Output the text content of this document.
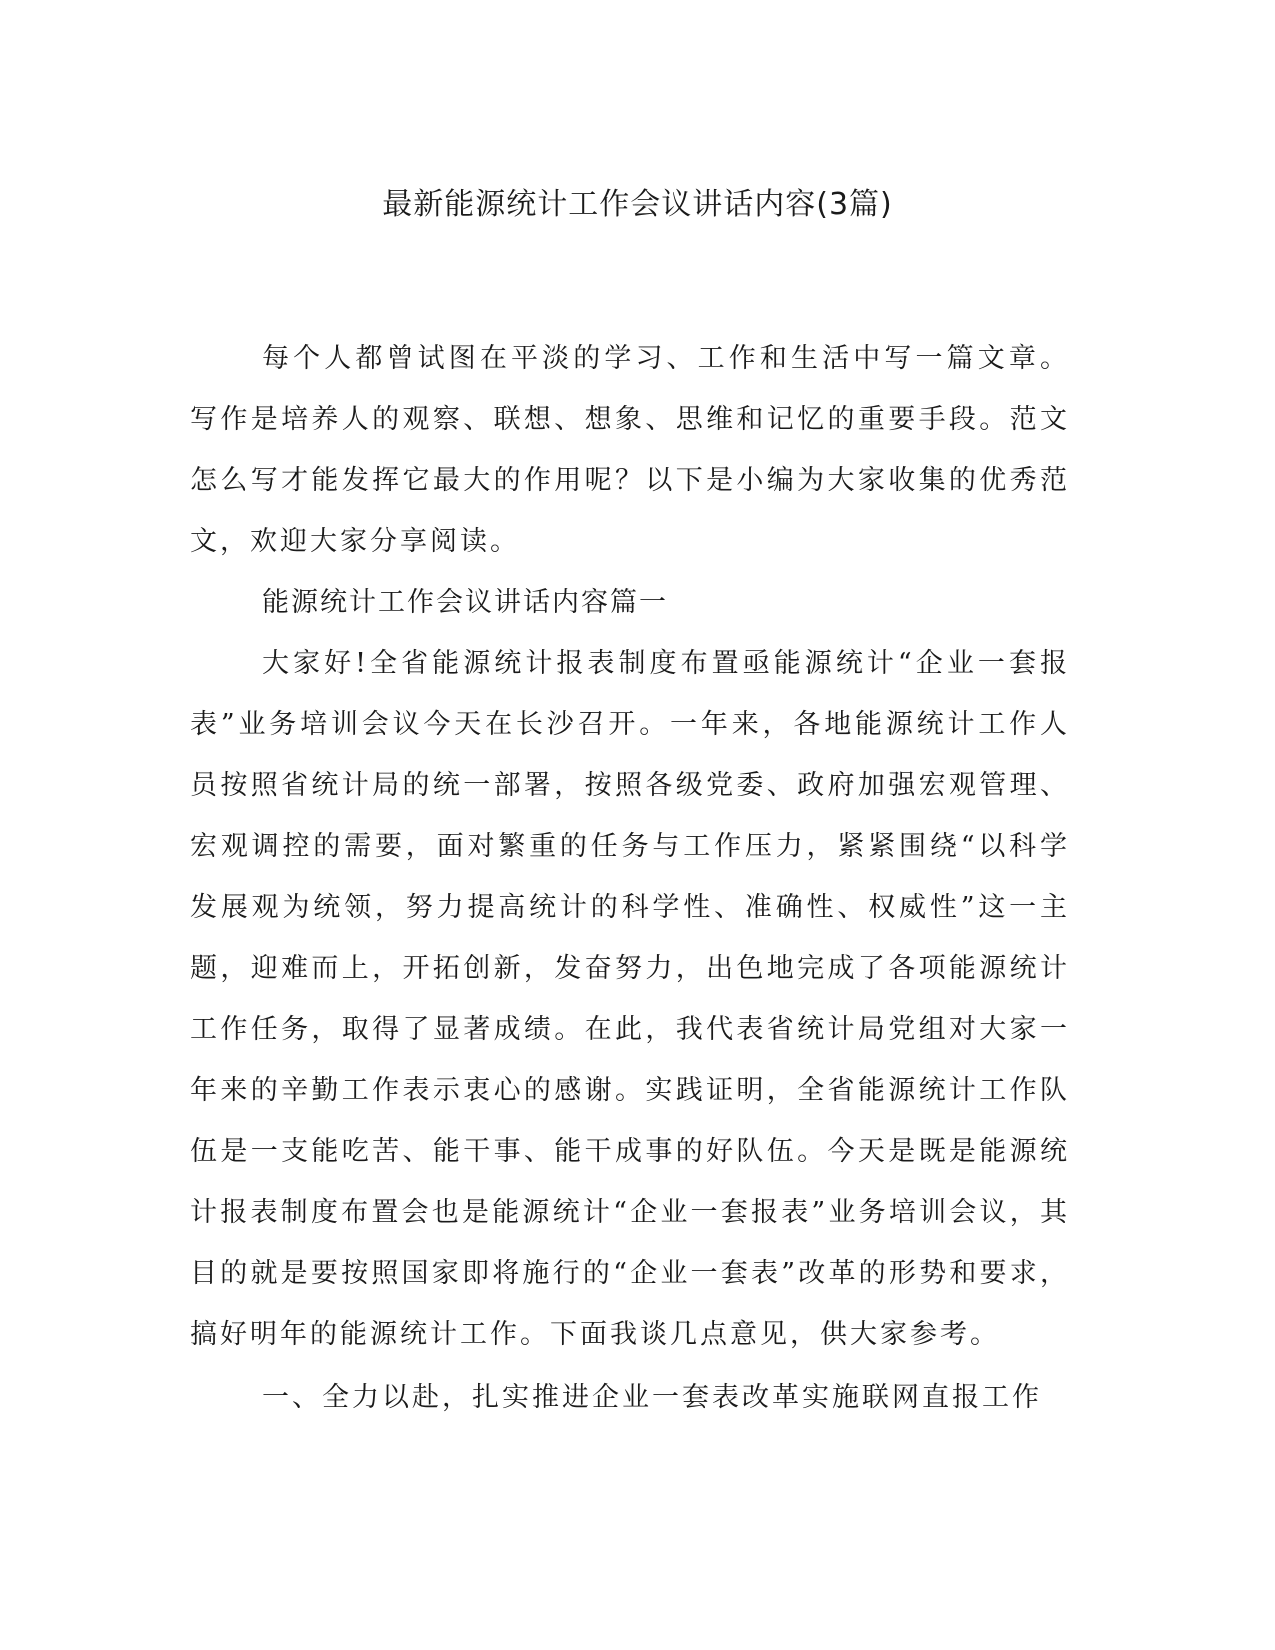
最新能源统计工作会议讲话内容(3篇)

每个人都曾试图在平淡的学习、工作和生活中写一篇文章。写作是培养人的观察、联想、想象、思维和记忆的重要手段。范文怎么写才能发挥它最大的作用呢？以下是小编为大家收集的优秀范文，欢迎大家分享阅读。

能源统计工作会议讲话内容篇一

大家好!全省能源统计报表制度布置亟能源统计“企业一套报表”业务培训会议今天在长沙召开。一年来，各地能源统计工作人员按照省统计局的统一部署，按照各级党委、政府加强宏观管理、宏观调控的需要，面对繁重的任务与工作压力，紧紧围绕“以科学发展观为统领，努力提高统计的科学性、准确性、权威性”这一主题，迎难而上，开拓创新，发奋努力，出色地完成了各项能源统计工作任务，取得了显著成绩。在此，我代表省统计局党组对大家一年来的辛勤工作表示衷心的感谢。实践证明，全省能源统计工作队伍是一支能吃苦、能干事、能干成事的好队伍。今天是既是能源统计报表制度布置会也是能源统计“企业一套报表”业务培训会议，其目的就是要按照国家即将施行的“企业一套表”改革的形势和要求，搞好明年的能源统计工作。下面我谈几点意见，供大家参考。

一、全力以赴，扎实推进企业一套表改革实施联网直报工作
